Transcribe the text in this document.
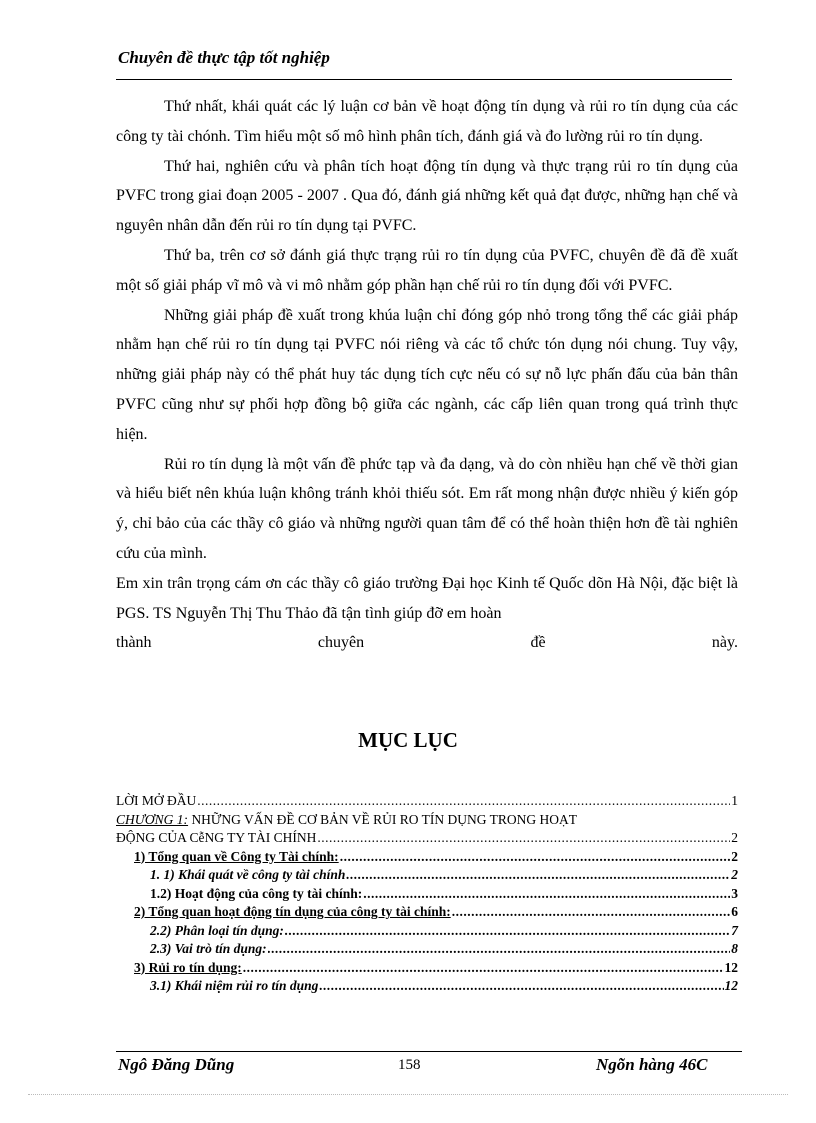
Chuyên đề thực tập tốt nghiệp

Thứ nhất, khái quát các lý luận cơ bản về hoạt động tín dụng và rủi ro tín dụng của các công ty tài chónh. Tìm hiểu một số mô hình phân tích, đánh giá và đo lường rủi ro tín dụng.

Thứ hai, nghiên cứu và phân tích hoạt động tín dụng và thực trạng rủi ro tín dụng của PVFC trong giai đoạn 2005 - 2007 . Qua đó, đánh giá những kết quả đạt được, những hạn chế và nguyên nhân dẫn đến rủi ro tín dụng tại PVFC.

Thứ ba, trên cơ sở đánh giá thực trạng rủi ro tín dụng của PVFC, chuyên đề đã đề xuất một số giải pháp vĩ mô và vi mô nhằm góp phần hạn chế rủi ro tín dụng đối với PVFC.

Những giải pháp đề xuất trong khúa luận chỉ đóng góp nhỏ trong tổng thể các giải pháp nhằm hạn chế rủi ro tín dụng tại PVFC nói riêng và các tổ chức tón dụng nói chung. Tuy vậy, những giải pháp này có thể phát huy tác dụng tích cực nếu có sự nỗ lực phấn đấu của bản thân PVFC cũng như sự phối hợp đồng bộ giữa các ngành, các cấp liên quan trong quá trình thực hiện.

Rủi ro tín dụng là một vấn đề phức tạp và đa dạng, và do còn nhiều hạn chế về thời gian và hiểu biết nên khúa luận không tránh khỏi thiếu sót. Em rất mong nhận được nhiều ý kiến góp ý, chỉ bảo của các thầy cô giáo và những người quan tâm để có thể hoàn thiện hơn đề tài nghiên cứu của mình.

Em xin trân trọng cám ơn các thầy cô giáo trường Đại học Kinh tế Quốc dõn Hà Nội, đặc biệt là PGS. TS Nguyễn Thị Thu Thảo đã tận tình giúp đỡ em hoàn

thành chuyên đề này.

MỤC LỤC
LỜI MỞ ĐẦU .....	1
CHƯƠNG 1: NHỮNG VẤN ĐỀ CƠ BẢN VỀ RỦI RO TÍN DỤNG TRONG HOẠT
ĐỘNG CỦA CễNG TY TÀI CHÍNH .....	2
1) Tổng quan về Công ty Tài chính: .....	2
1. 1) Khái quát về công ty tài chính .....	2
1.2) Hoạt động của công ty tài chính: .....	3
2) Tổng quan hoạt động tín dụng của công ty tài chính: .....	6
2.2) Phân loại tín dụng: .....	7
2.3) Vai trò tín dụng: .....	8
3) Rủi ro tín dụng: .....	12
3.1) Khái niệm rủi ro tín dụng .....	12
Ngô Đăng Dũng	158	Ngõn hàng 46C
